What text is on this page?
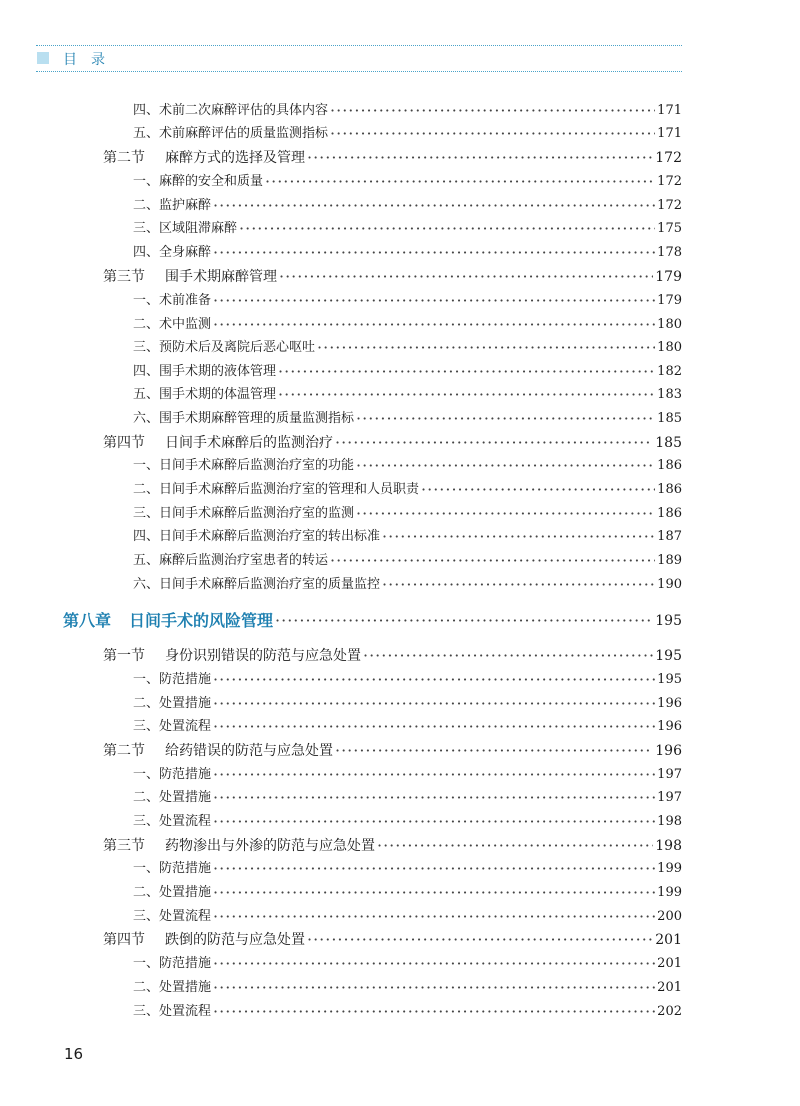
目录
四、术前二次麻醉评估的具体内容 ·····	171
五、术前麻醉评估的质量监测指标 ·····	171
第二节 麻醉方式的选择及管理 ·····	172
一、麻醉的安全和质量 ·····	172
二、监护麻醉 ·····	172
三、区域阻滞麻醉 ·····	175
四、全身麻醉 ·····	178
第三节 围手术期麻醉管理 ·····	179
一、术前准备 ·····	179
二、术中监测 ·····	180
三、预防术后及离院后恶心呕吐 ·····	180
四、围手术期的液体管理 ·····	182
五、围手术期的体温管理 ·····	183
六、围手术期麻醉管理的质量监测指标 ·····	185
第四节 日间手术麻醉后的监测治疗 ·····	185
一、日间手术麻醉后监测治疗室的功能 ·····	186
二、日间手术麻醉后监测治疗室的管理和人员职责 ·····	186
三、日间手术麻醉后监测治疗室的监测 ·····	186
四、日间手术麻醉后监测治疗室的转出标准 ·····	187
五、麻醉后监测治疗室患者的转运 ·····	189
六、日间手术麻醉后监测治疗室的质量监控 ·····	190
第八章 日间手术的风险管理 ·····	195
第一节 身份识别错误的防范与应急处置 ·····	195
一、防范措施 ·····	195
二、处置措施 ·····	196
三、处置流程 ·····	196
第二节 给药错误的防范与应急处置 ·····	196
一、防范措施 ·····	197
二、处置措施 ·····	197
三、处置流程 ·····	198
第三节 药物渗出与外渗的防范与应急处置 ·····	198
一、防范措施 ·····	199
二、处置措施 ·····	199
三、处置流程 ·····	200
第四节 跌倒的防范与应急处置 ·····	201
一、防范措施 ·····	201
二、处置措施 ·····	201
三、处置流程 ·····	202
16
